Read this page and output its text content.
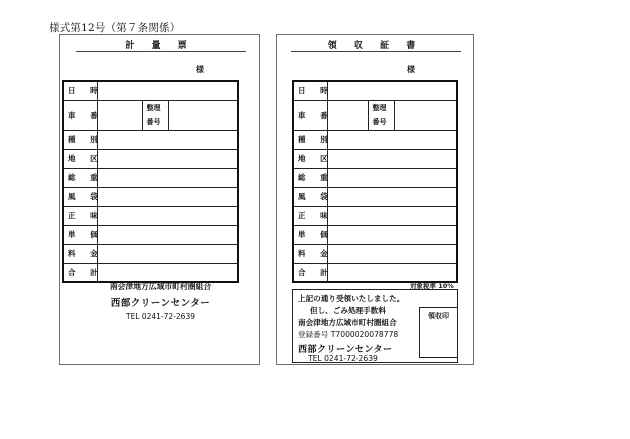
様式第12号（第７条関係）
計 量 票
様
日 時			
車 番		整理
番号	
種 別			
地 区			
総 重			
風 袋			
正 味			
単 価			
料 金			
合 計			
南会津地方広域市町村圏組合
西部クリーンセンター
TEL 0241-72-2639
領 収 証 書
様
日 時			
車 番		整理
番号	
種 別			
地 区			
総 重			
風 袋			
正 味			
単 価			
料 金			
合 計			
対象税率 10%
上記の通り受領いたしました。
但し、ごみ処理手数料
南会津地方広域市町村圏組合
登録番号 T7000020078778
西部クリーンセンター
TEL 0241-72-2639
領収印
